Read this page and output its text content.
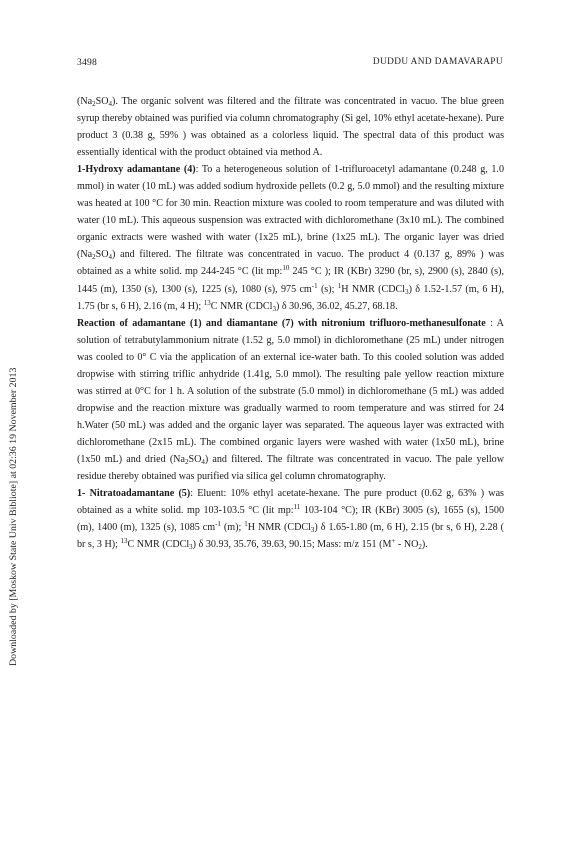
Downloaded by [Moskow State Univ Bibliote] at 02:36 19 November 2013
3498	DUDDU AND DAMAVARAPU

$(Na_2SO_4)$. The organic solvent was filtered and the filtrate was concentrated in vacuo. The blue green syrup thereby obtained was purified via column chromatography (Si gel, 10% ethyl acetate-hexane). Pure product 3 (0.38 g, 59% ) was obtained as a colorless liquid. The spectral data of this product was essentially identical with the product obtained via method A.

1-Hydroxy adamantane (4): To a heterogeneous solution of 1-trifluroacetyl adamantane (0.248 g, 1.0 mmol) in water (10 mL) was added sodium hydroxide pellets (0.2 g, 5.0 mmol) and the resulting mixture was heated at 100 °C for 30 min. Reaction mixture was cooled to room temperature and was diluted with water (10 mL). This aqueous suspension was extracted with dichloromethane (3x10 mL). The combined organic extracts were washed with water (1x25 mL), brine (1x25 mL). The organic layer was dried $(Na_2SO_4)$ and filtered. The filtrate was concentrated in vacuo. The product 4 (0.137 g, 89% ) was obtained as a white solid. mp 244-245 °C (lit mp:$^{10}$ 245 °C ); IR (KBr) 3290 (br, s), 2900 (s), 2840 (s), 1445 (m), 1350 (s), 1300 (s), 1225 (s), 1080 (s), 975 $cm^{-1}$ (s); $^1$H NMR (CDCl$_3$) δ 1.52-1.57 (m, 6 H), 1.75 (br s, 6 H), 2.16 (m, 4 H); $^{13}$C NMR (CDCl$_3$) δ 30.96, 36.02, 45.27, 68.18.

Reaction of adamantane (1) and diamantane (7) with nitronium trifluoro-methanesulfonate : A solution of tetrabutylammonium nitrate (1.52 g, 5.0 mmol) in dichloromethane (25 mL) under nitrogen was cooled to 0° C via the application of an external ice-water bath. To this cooled solution was added dropwise with stirring triflic anhydride (1.41g, 5.0 mmol). The resulting pale yellow reaction mixture was stirred at 0°C for 1 h. A solution of the substrate (5.0 mmol) in dichloromethane (5 mL) was added dropwise and the reaction mixture was gradually warmed to room temperature and was stirred for 24 h.Water (50 mL) was added and the organic layer was separated. The aqueous layer was extracted with dichloromethane (2x15 mL). The combined organic layers were washed with water (1x50 mL), brine (1x50 mL) and dried $(Na_2SO_4)$ and filtered. The filtrate was concentrated in vacuo. The pale yellow residue thereby obtained was purified via silica gel column chromatography.

1- Nitratoadamantane (5): Eluent: 10% ethyl acetate-hexane. The pure product (0.62 g, 63% ) was obtained as a white solid. mp 103-103.5 °C (lit mp:$^{11}$ 103-104 °C); IR (KBr) 3005 (s), 1655 (s), 1500 (m), 1400 (m), 1325 (s), 1085 $cm^{-1}$ (m); $^1$H NMR (CDCl$_3$) δ 1.65-1.80 (m, 6 H), 2.15 (br s, 6 H), 2.28 ( br s, 3 H); $^{13}$C NMR (CDCl$_3$) δ 30.93, 35.76, 39.63, 90.15; Mass: m/z 151 $(M^+ - NO_2)$.
